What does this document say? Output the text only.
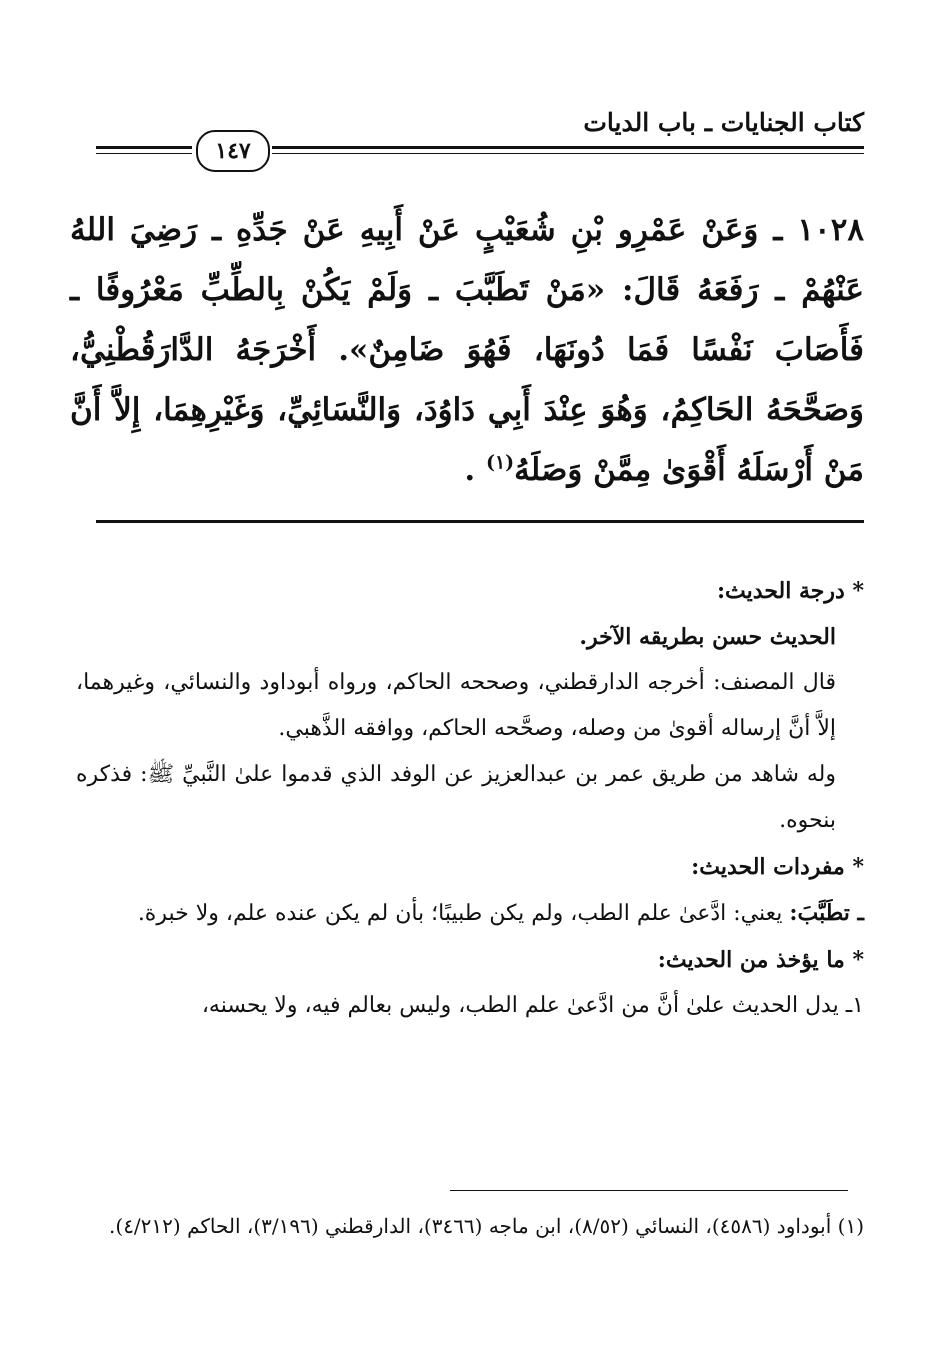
كتاب الجنايات ـ باب الديات
١٤٧
١٠٢٨ ـ وَعَنْ عَمْرِو بْنِ شُعَيْبٍ عَنْ أَبِيهِ عَنْ جَدِّهِ ـ رَضِيَ اللهُ عَنْهُمْ ـ رَفَعَهُ قَالَ: «مَنْ تَطَبَّبَ ـ وَلَمْ يَكُنْ بِالطِّبِّ مَعْرُوفًا ـ فَأَصَابَ نَفْسًا فَمَا دُونَهَا، فَهُوَ ضَامِنٌ». أَخْرَجَهُ الدَّارَقُطْنِيُّ، وَصَحَّحَهُ الحَاكِمُ، وَهُوَ عِنْدَ أَبِي دَاوُدَ، وَالنَّسَائِيِّ، وَغَيْرِهِمَا، إِلاَّ أَنَّ مَنْ أَرْسَلَهُ أَقْوَىٰ مِمَّنْ وَصَلَهُ$^{(١)}$ .

* درجة الحديث:

الحديث حسن بطريقه الآخر.

قال المصنف: أخرجه الدارقطني، وصححه الحاكم، ورواه أبوداود والنسائي، وغيرهما، إلاَّ أنَّ إرساله أقوىٰ من وصله، وصحَّحه الحاكم، ووافقه الذَّهبي.

وله شاهد من طريق عمر بن عبدالعزيز عن الوفد الذي قدموا علىٰ النَّبيِّ ﷺ: فذكره بنحوه.

* مفردات الحديث:

ـ تطَبَّبَ: يعني: ادَّعىٰ علم الطب، ولم يكن طبيبًا؛ بأن لم يكن عنده علم، ولا خبرة.

* ما يؤخذ من الحديث:

١ـ يدل الحديث علىٰ أنَّ من ادَّعىٰ علم الطب، وليس بعالم فيه، ولا يحسنه،

(١) أبوداود (٤٥٨٦)، النسائي (٨/٥٢)، ابن ماجه (٣٤٦٦)، الدارقطني (٣/١٩٦)، الحاكم (٤/٢١٢).
